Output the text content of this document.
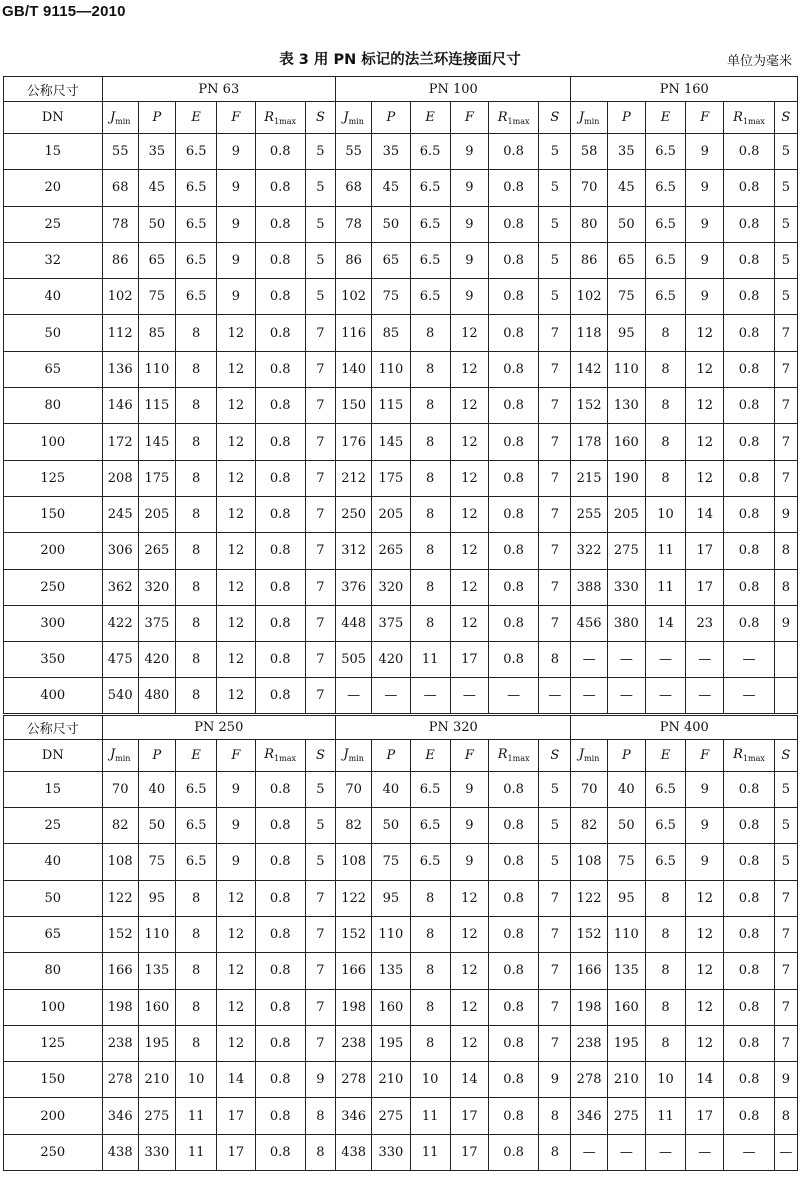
GB/T 9115—2010
表 3 用 PN 标记的法兰环连接面尺寸	单位为毫米
公称尺寸	PN 63						PN 100						PN 160					
DN	$J_{min}$	P	E	F	$R_{1max}$	S	$J_{min}$	P	E	F	$R_{1max}$	S	$J_{min}$	P	E	F	$R_{1max}$	S
15	55	35	6.5	9	0.8	5	55	35	6.5	9	0.8	5	58	35	6.5	9	0.8	5
20	68	45	6.5	9	0.8	5	68	45	6.5	9	0.8	5	70	45	6.5	9	0.8	5
25	78	50	6.5	9	0.8	5	78	50	6.5	9	0.8	5	80	50	6.5	9	0.8	5
32	86	65	6.5	9	0.8	5	86	65	6.5	9	0.8	5	86	65	6.5	9	0.8	5
40	102	75	6.5	9	0.8	5	102	75	6.5	9	0.8	5	102	75	6.5	9	0.8	5
50	112	85	8	12	0.8	7	116	85	8	12	0.8	7	118	95	8	12	0.8	7
65	136	110	8	12	0.8	7	140	110	8	12	0.8	7	142	110	8	12	0.8	7
80	146	115	8	12	0.8	7	150	115	8	12	0.8	7	152	130	8	12	0.8	7
100	172	145	8	12	0.8	7	176	145	8	12	0.8	7	178	160	8	12	0.8	7
125	208	175	8	12	0.8	7	212	175	8	12	0.8	7	215	190	8	12	0.8	7
150	245	205	8	12	0.8	7	250	205	8	12	0.8	7	255	205	10	14	0.8	9
200	306	265	8	12	0.8	7	312	265	8	12	0.8	7	322	275	11	17	0.8	8
250	362	320	8	12	0.8	7	376	320	8	12	0.8	7	388	330	11	17	0.8	8
300	422	375	8	12	0.8	7	448	375	8	12	0.8	7	456	380	14	23	0.8	9
350	475	420	8	12	0.8	7	505	420	11	17	0.8	8	—	—	—	—	—	
400	540	480	8	12	0.8	7	—	—	—	—	—	—	—	—	—	—	—	
公称尺寸	PN 250						PN 320						PN 400					
DN	$J_{min}$	P	E	F	$R_{1max}$	S	$J_{min}$	P	E	F	$R_{1max}$	S	$J_{min}$	P	E	F	$R_{1max}$	S
15	70	40	6.5	9	0.8	5	70	40	6.5	9	0.8	5	70	40	6.5	9	0.8	5
25	82	50	6.5	9	0.8	5	82	50	6.5	9	0.8	5	82	50	6.5	9	0.8	5
40	108	75	6.5	9	0.8	5	108	75	6.5	9	0.8	5	108	75	6.5	9	0.8	5
50	122	95	8	12	0.8	7	122	95	8	12	0.8	7	122	95	8	12	0.8	7
65	152	110	8	12	0.8	7	152	110	8	12	0.8	7	152	110	8	12	0.8	7
80	166	135	8	12	0.8	7	166	135	8	12	0.8	7	166	135	8	12	0.8	7
100	198	160	8	12	0.8	7	198	160	8	12	0.8	7	198	160	8	12	0.8	7
125	238	195	8	12	0.8	7	238	195	8	12	0.8	7	238	195	8	12	0.8	7
150	278	210	10	14	0.8	9	278	210	10	14	0.8	9	278	210	10	14	0.8	9
200	346	275	11	17	0.8	8	346	275	11	17	0.8	8	346	275	11	17	0.8	8
250	438	330	11	17	0.8	8	438	330	11	17	0.8	8	—	—	—	—	—	—
